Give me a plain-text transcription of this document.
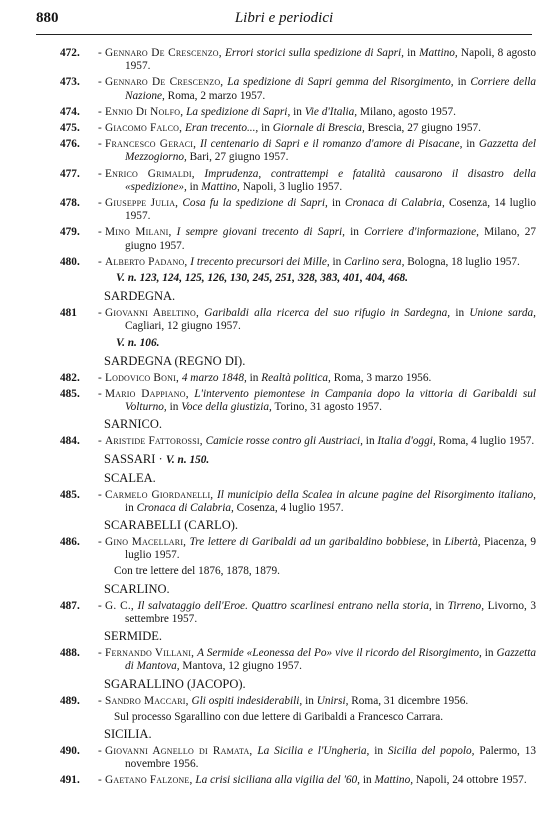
880	Libri e periodici
472.	- Gennaro De Crescenzo, Errori storici sulla spedizione di Sapri, in Mattino, Napoli, 8 agosto 1957.
473.	- Gennaro De Crescenzo, La spedizione di Sapri gemma del Risorgimento, in Corriere della Nazione, Roma, 2 marzo 1957.
474.	- Ennio Di Nolfo, La spedizione di Sapri, in Vie d'Italia, Milano, agosto 1957.
475.	- Giacomo Falco, Eran trecento..., in Giornale di Brescia, Brescia, 27 giugno 1957.
476.	- Francesco Geraci, Il centenario di Sapri e il romanzo d'amore di Pisacane, in Gazzetta del Mezzogiorno, Bari, 27 giugno 1957.
477.	- Enrico Grimaldi, Imprudenza, contrattempi e fatalità causarono il disastro della «spedizione», in Mattino, Napoli, 3 luglio 1957.
478.	- Giuseppe Julia, Cosa fu la spedizione di Sapri, in Cronaca di Calabria, Cosenza, 14 luglio 1957.
479.	- Mino Milani, I sempre giovani trecento di Sapri, in Corriere d'informazione, Milano, 27 giugno 1957.
480.	- Alberto Padano, I trecento precursori dei Mille, in Carlino sera, Bologna, 18 luglio 1957.
V. n. 123, 124, 125, 126, 130, 245, 251, 328, 383, 401, 404, 468.
SARDEGNA.
481	- Giovanni Abeltino, Garibaldi alla ricerca del suo rifugio in Sardegna, in Unione sarda, Cagliari, 12 giugno 1957.
V. n. 106.
SARDEGNA (REGNO DI).
482.	- Lodovico Boni, 4 marzo 1848, in Realtà politica, Roma, 3 marzo 1956.
485.	- Mario Dappiano, L'intervento piemontese in Campania dopo la vittoria di Garibaldi sul Volturno, in Voce della giustizia, Torino, 31 agosto 1957.
SARNICO.
484.	- Aristide Fattorossi, Camicie rosse contro gli Austriaci, in Italia d'oggi, Roma, 4 luglio 1957.
SASSARI · V. n. 150.
SCALEA.
485.	- Carmelo Giordanelli, Il municipio della Scalea in alcune pagine del Risorgimento italiano, in Cronaca di Calabria, Cosenza, 4 luglio 1957.
SCARABELLI (CARLO).
486.	- Gino Macellari, Tre lettere di Garibaldi ad un garibaldino bobbiese, in Libertà, Piacenza, 9 luglio 1957.
Con tre lettere del 1876, 1878, 1879.
SCARLINO.
487.	- G. C., Il salvataggio dell'Eroe. Quattro scarlinesi entrano nella storia, in Tirreno, Livorno, 3 settembre 1957.
SERMIDE.
488.	- Fernando Villani, A Sermide «Leonessa del Po» vive il ricordo del Risorgimento, in Gazzetta di Mantova, Mantova, 12 giugno 1957.
SGARALLINO (JACOPO).
489.	- Sandro Maccari, Gli ospiti indesiderabili, in Unirsi, Roma, 31 dicembre 1956.
Sul processo Sgarallino con due lettere di Garibaldi a Francesco Carrara.
SICILIA.
490.	- Giovanni Agnello di Ramata, La Sicilia e l'Ungheria, in Sicilia del popolo, Palermo, 13 novembre 1956.
491.	- Gaetano Falzone, La crisi siciliana alla vigilia del '60, in Mattino, Napoli, 24 ottobre 1957.
